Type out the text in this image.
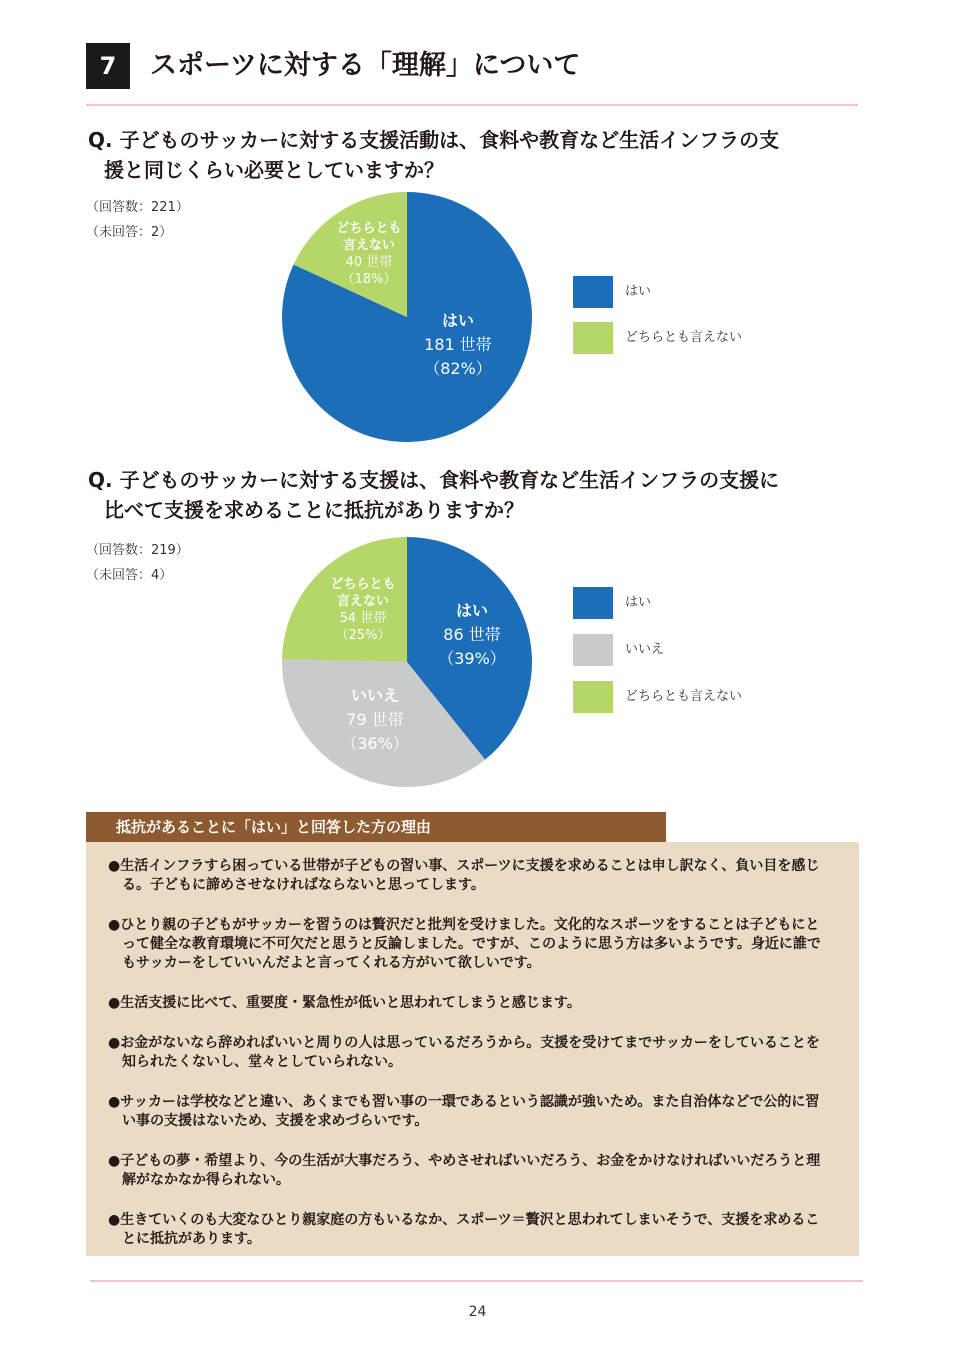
7	スポーツに対する「理解」について
Q. 子どものサッカーに対する支援活動は、食料や教育など生活インフラの支
援と同じくらい必要としていますか？
（回答数：221）
（未回答：2）
はい 181 世帯（82%）
どちらとも言えない 40 世帯（18%）
はい
どちらとも言えない
Q. 子どものサッカーに対する支援は、食料や教育など生活インフラの支援に
比べて支援を求めることに抵抗がありますか？
（回答数：219）
（未回答：4）
はい 86 世帯（39%）
いいえ 79 世帯（36%）
どちらとも言えない 54 世帯（25%）
はい
いいえ
どちらとも言えない
抵抗があることに「はい」と回答した方の理由
● 生活インフラすら困っている世帯が子どもの習い事、スポーツに支援を求めることは申し訳なく、負い目を感じる。子どもに諦めさせなければならないと思ってします。
● ひとり親の子どもがサッカーを習うのは贅沢だと批判を受けました。文化的なスポーツをすることは子どもにとって健全な教育環境に不可欠だと思うと反論しました。ですが、このように思う方は多いようです。身近に誰でもサッカーをしていいんだよと言ってくれる方がいて欲しいです。
● 生活支援に比べて、重要度・緊急性が低いと思われてしまうと感じます。
● お金がないなら辞めればいいと周りの人は思っているだろうから。支援を受けてまでサッカーをしていることを知られたくないし、堂々としていられない。
● サッカーは学校などと違い、あくまでも習い事の一環であるという認識が強いため。また自治体などで公的に習い事の支援はないため、支援を求めづらいです。
● 子どもの夢・希望より、今の生活が大事だろう、やめさせればいいだろう、お金をかけなければいいだろうと理解がなかなか得られない。
● 生きていくのも大変なひとり親家庭の方もいるなか、スポーツ＝贅沢と思われてしまいそうで、支援を求めることに抵抗があります。
24
